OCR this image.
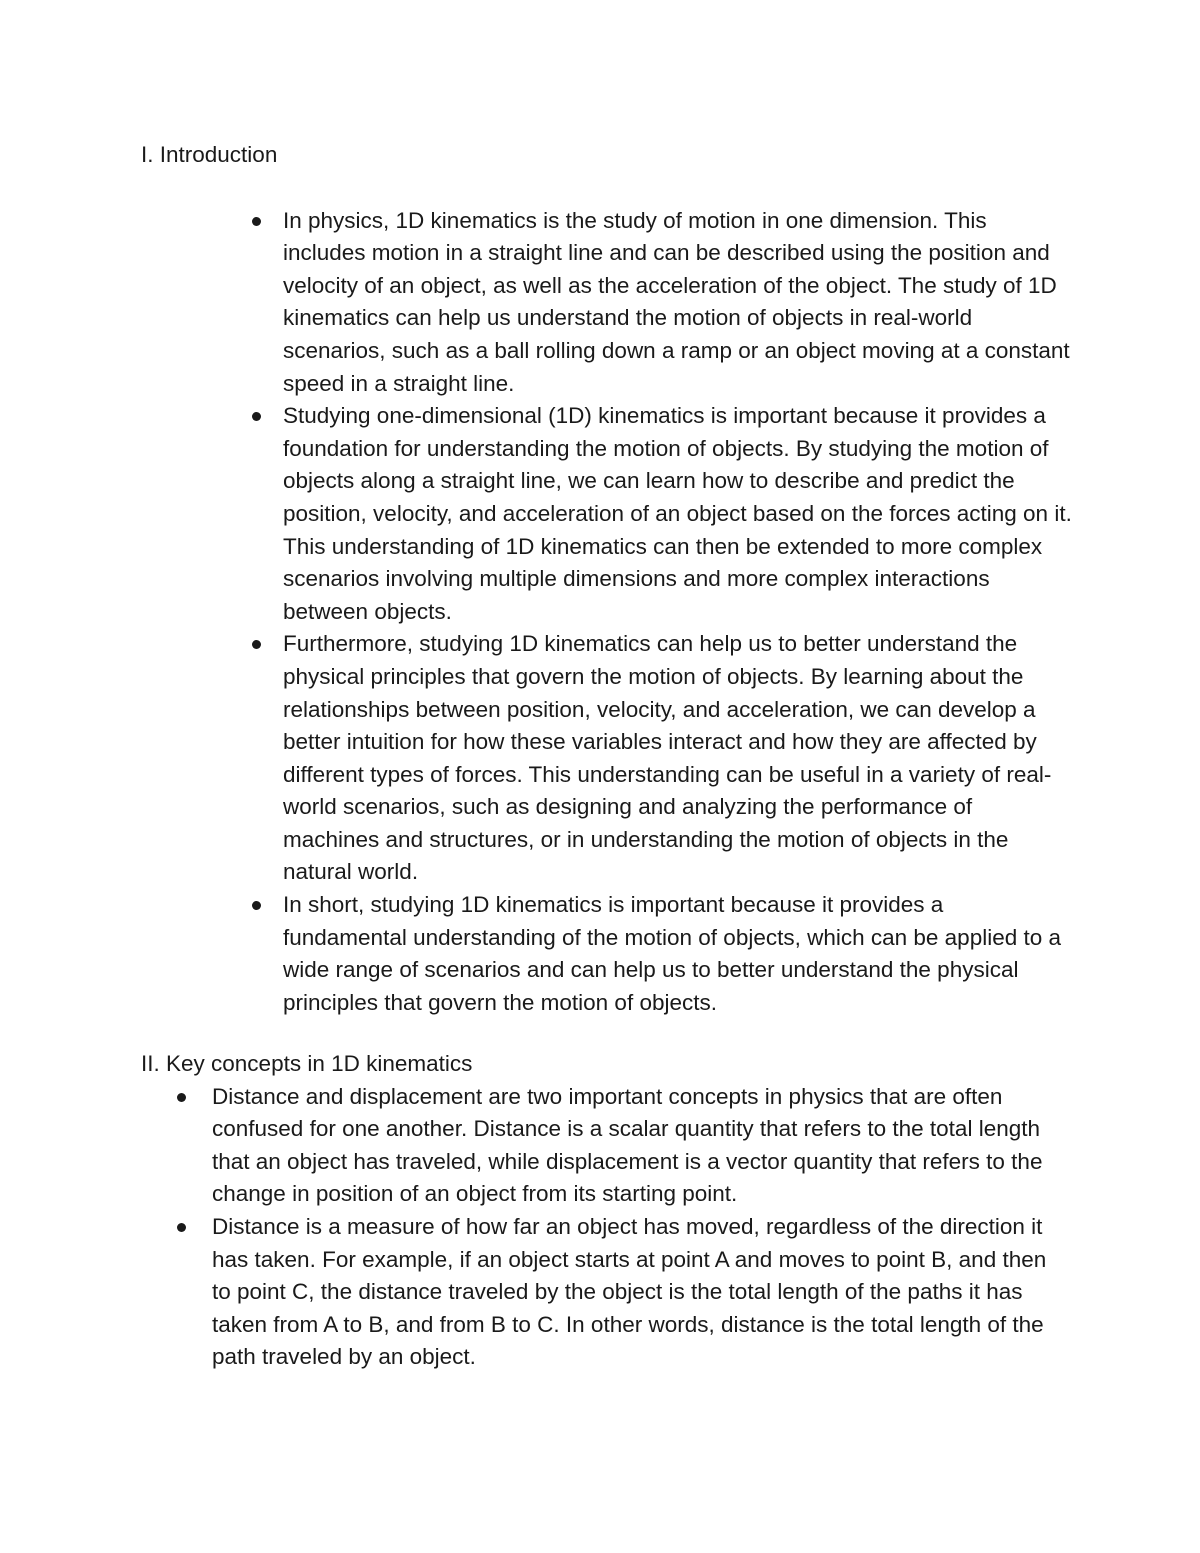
I. Introduction
In physics, 1D kinematics is the study of motion in one dimension. This includes motion in a straight line and can be described using the position and velocity of an object, as well as the acceleration of the object. The study of 1D kinematics can help us understand the motion of objects in real-world scenarios, such as a ball rolling down a ramp or an object moving at a constant speed in a straight line.
Studying one-dimensional (1D) kinematics is important because it provides a foundation for understanding the motion of objects. By studying the motion of objects along a straight line, we can learn how to describe and predict the position, velocity, and acceleration of an object based on the forces acting on it. This understanding of 1D kinematics can then be extended to more complex scenarios involving multiple dimensions and more complex interactions between objects.
Furthermore, studying 1D kinematics can help us to better understand the physical principles that govern the motion of objects. By learning about the relationships between position, velocity, and acceleration, we can develop a better intuition for how these variables interact and how they are affected by different types of forces. This understanding can be useful in a variety of real-world scenarios, such as designing and analyzing the performance of machines and structures, or in understanding the motion of objects in the natural world.
In short, studying 1D kinematics is important because it provides a fundamental understanding of the motion of objects, which can be applied to a wide range of scenarios and can help us to better understand the physical principles that govern the motion of objects.
II. Key concepts in 1D kinematics
Distance and displacement are two important concepts in physics that are often confused for one another. Distance is a scalar quantity that refers to the total length that an object has traveled, while displacement is a vector quantity that refers to the change in position of an object from its starting point.
Distance is a measure of how far an object has moved, regardless of the direction it has taken. For example, if an object starts at point A and moves to point B, and then to point C, the distance traveled by the object is the total length of the paths it has taken from A to B, and from B to C. In other words, distance is the total length of the path traveled by an object.
